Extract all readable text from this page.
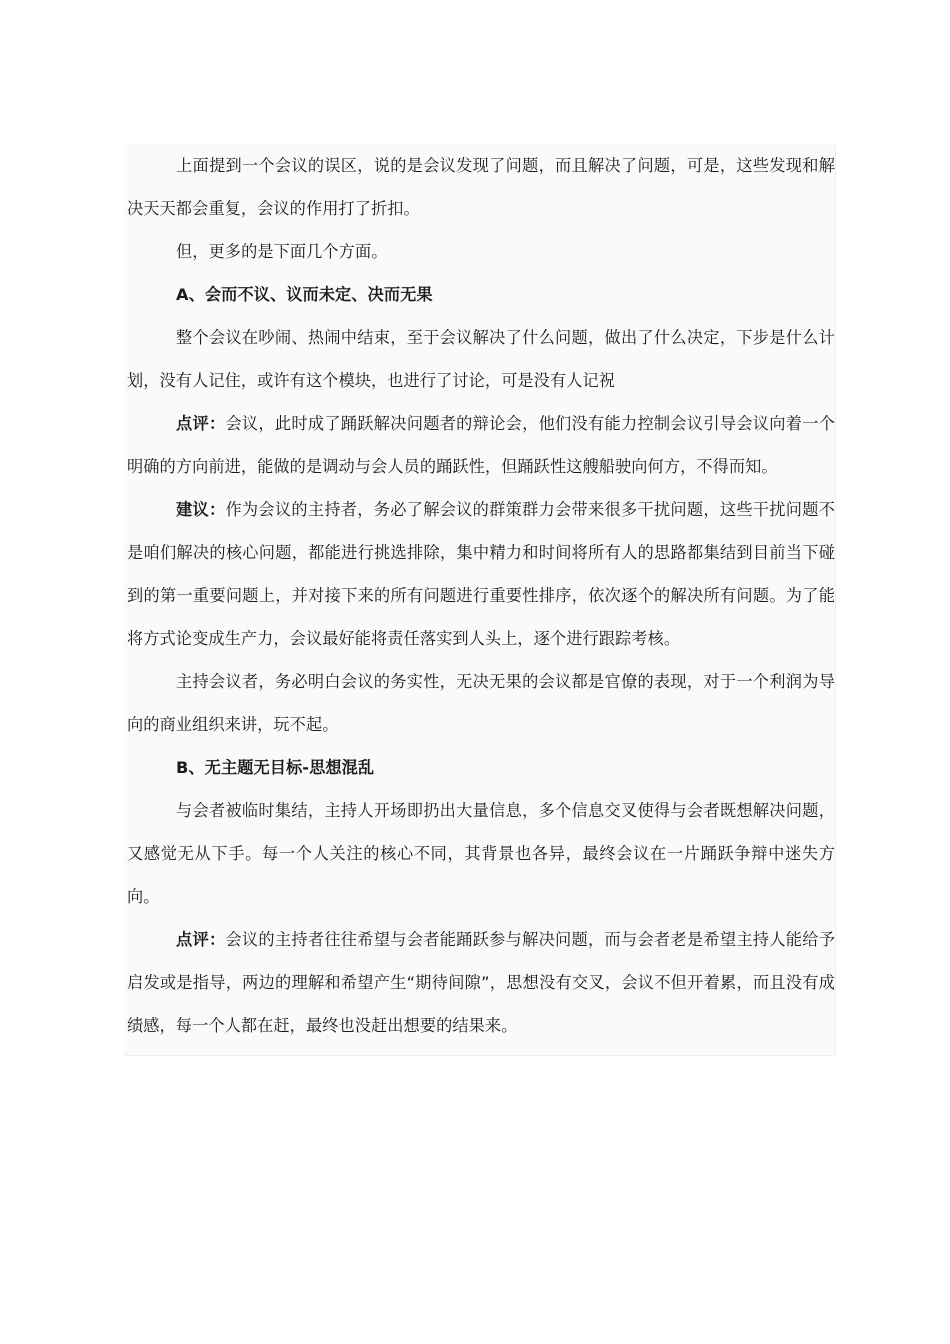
上面提到一个会议的误区，说的是会议发现了问题，而且解决了问题，可是，这些发现和解决天天都会重复，会议的作用打了折扣。

但，更多的是下面几个方面。

A、会而不议、议而未定、决而无果

整个会议在吵闹、热闹中结束，至于会议解决了什么问题，做出了什么决定，下步是什么计划，没有人记住，或许有这个模块，也进行了讨论，可是没有人记祝

点评：会议，此时成了踊跃解决问题者的辩论会，他们没有能力控制会议引导会议向着一个明确的方向前进，能做的是调动与会人员的踊跃性，但踊跃性这艘船驶向何方，不得而知。

建议：作为会议的主持者，务必了解会议的群策群力会带来很多干扰问题，这些干扰问题不是咱们解决的核心问题，都能进行挑选排除，集中精力和时间将所有人的思路都集结到目前当下碰到的第一重要问题上，并对接下来的所有问题进行重要性排序，依次逐个的解决所有问题。为了能将方式论变成生产力，会议最好能将责任落实到人头上，逐个进行跟踪考核。

主持会议者，务必明白会议的务实性，无决无果的会议都是官僚的表现，对于一个利润为导向的商业组织来讲，玩不起。

B、无主题无目标-思想混乱

与会者被临时集结，主持人开场即扔出大量信息，多个信息交叉使得与会者既想解决问题，又感觉无从下手。每一个人关注的核心不同，其背景也各异，最终会议在一片踊跃争辩中迷失方向。

点评：会议的主持者往往希望与会者能踊跃参与解决问题，而与会者老是希望主持人能给予启发或是指导，两边的理解和希望产生“期待间隙”，思想没有交叉，会议不但开着累，而且没有成绩感，每一个人都在赶，最终也没赶出想要的结果来。
